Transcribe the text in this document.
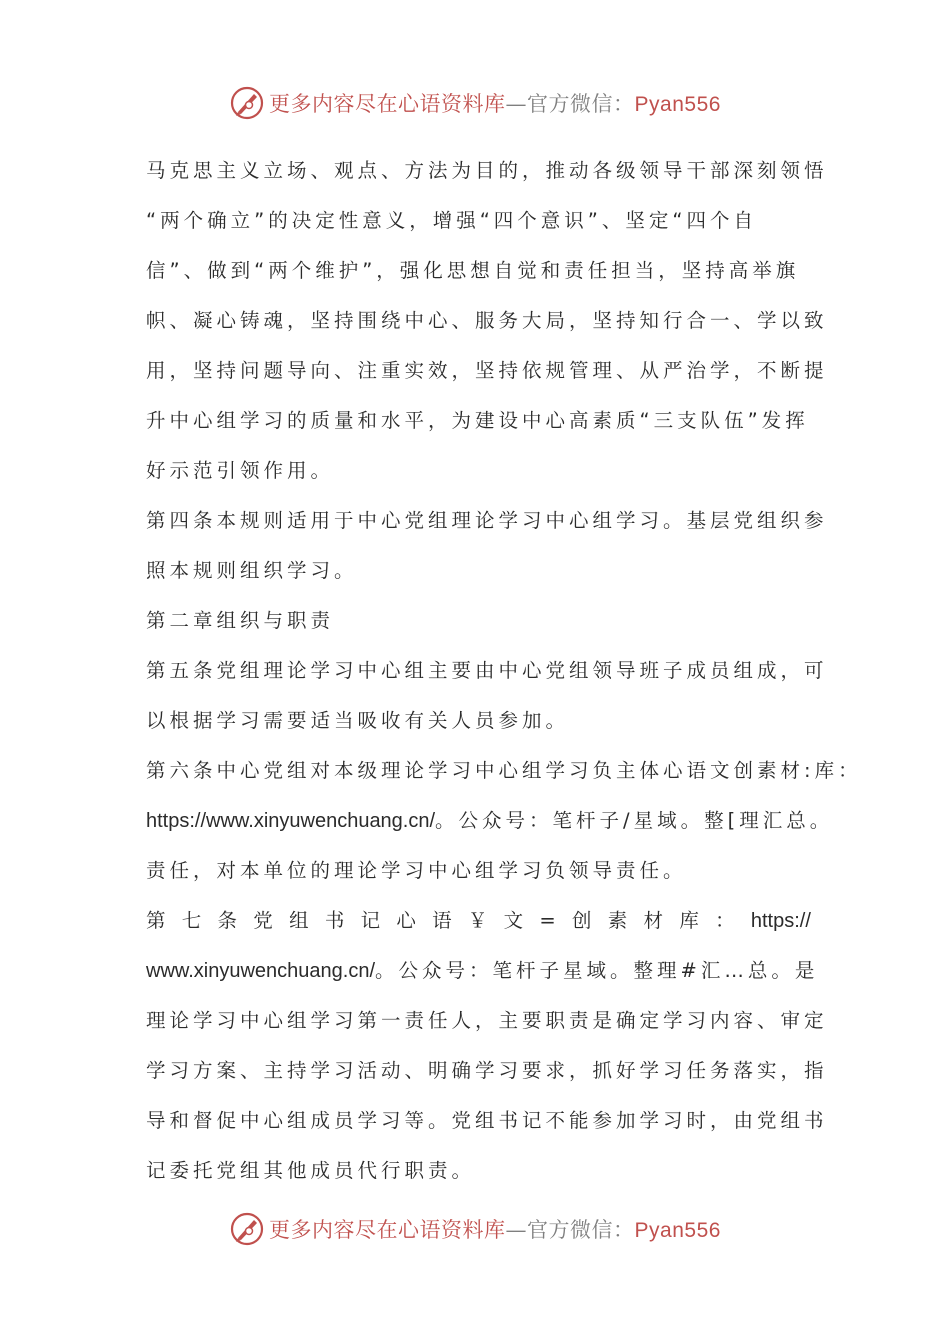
更多内容尽在心语资料库—官方微信：Pyan556
马克思主义立场、观点、方法为目的，推动各级领导干部深刻领悟
“两个确立”的决定性意义，增强“四个意识”、坚定“四个自
信”、做到“两个维护”，强化思想自觉和责任担当，坚持高举旗
帜、凝心铸魂，坚持围绕中心、服务大局，坚持知行合一、学以致
用，坚持问题导向、注重实效，坚持依规管理、从严治学，不断提
升中心组学习的质量和水平，为建设中心高素质“三支队伍”发挥
好示范引领作用。
第四条本规则适用于中心党组理论学习中心组学习。基层党组织参
照本规则组织学习。
第二章组织与职责
第五条党组理论学习中心组主要由中心党组领导班子成员组成，可
以根据学习需要适当吸收有关人员参加。
第六条中心党组对本级理论学习中心组学习负主体心语文创素材:库：
https://www.xinyuwenchuang.cn/。公众号：笔杆子/星域。整[理汇总。
责任，对本单位的理论学习中心组学习负领导责任。
第 七 条 党 组 书 记 心 语 ￥ 文 = 创 素 材 库 ： https://
www.xinyuwenchuang.cn/。公众号：笔杆子星域。整理#汇…总。是
理论学习中心组学习第一责任人，主要职责是确定学习内容、审定
学习方案、主持学习活动、明确学习要求，抓好学习任务落实，指
导和督促中心组成员学习等。党组书记不能参加学习时，由党组书
记委托党组其他成员代行职责。
更多内容尽在心语资料库—官方微信：Pyan556
